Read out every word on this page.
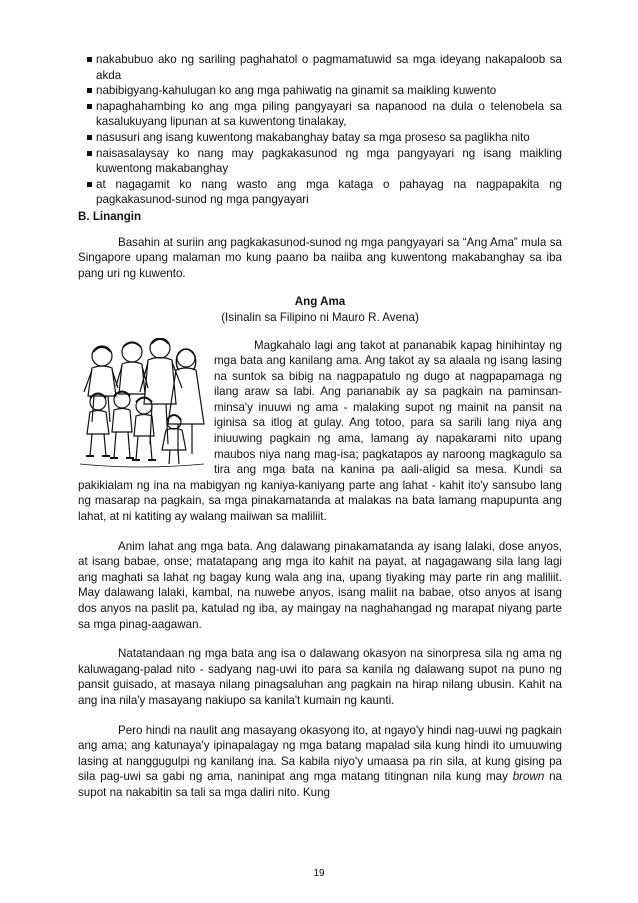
nakabubuo ako ng sariling paghahatol o pagmamatuwid sa mga ideyang nakapaloob sa akda
nabibigyang-kahulugan ko ang mga pahiwatig na ginamit sa maikling kuwento
napaghahambing ko ang mga piling pangyayari sa napanood na dula o telenobela sa kasalukuyang lipunan at sa kuwentong tinalakay,
nasusuri ang isang kuwentong makabanghay batay sa mga proseso sa paglikha nito
naisasalaysay ko nang may pagkakasunod ng mga pangyayari ng isang maikling kuwentong makabanghay
at nagagamit ko nang wasto ang mga kataga o pahayag na nagpapakita ng pagkakasunod-sunod ng mga pangyayari
B. Linangin

Basahin at suriin ang pagkakasunod-sunod ng mga pangyayari sa “Ang Ama” mula sa Singapore upang malaman mo kung paano ba naiiba ang kuwentong makabanghay sa iba pang uri ng kuwento.

Ang Ama
(Isinalin sa Filipino ni Mauro R. Avena)

Magkahalo lagi ang takot at pananabik kapag hinihintay ng mga bata ang kanilang ama. Ang takot ay sa alaala ng isang lasing na suntok sa bibig na nagpapatulo ng dugo at nagpapamaga ng ilang araw sa labi. Ang pananabik ay sa pagkain na paminsan-minsa'y inuuwi ng ama - malaking supot ng mainit na pansit na iginisa sa itlog at gulay. Ang totoo, para sa sarili lang niya ang iniuuwing pagkain ng ama, lamang ay napakarami nito upang maubos niya nang mag-isa; pagkatapos ay naroong magkagulo sa tira ang mga bata na kanina pa aali-aligid sa mesa. Kundi sa pakikialam ng ina na mabigyan ng kaniya-kaniyang parte ang lahat - kahit ito'y sansubo lang ng masarap na pagkain, sa mga pinakamatanda at malakas na bata lamang mapupunta ang lahat, at ni katiting ay walang maiiwan sa maliliit.

Anim lahat ang mga bata. Ang dalawang pinakamatanda ay isang lalaki, dose anyos, at isang babae, onse; matatapang ang mga ito kahit na payat, at nagagawang sila lang lagi ang maghati sa lahat ng bagay kung wala ang ina, upang tiyaking may parte rin ang maliliit. May dalawang lalaki, kambal, na nuwebe anyos, isang maliit na babae, otso anyos at isang dos anyos na paslit pa, katulad ng iba, ay maingay na naghahangad ng marapat niyang parte sa mga pinag-aagawan.

Natatandaan ng mga bata ang isa o dalawang okasyon na sinorpresa sila ng ama ng kaluwagang-palad nito - sadyang nag-uwi ito para sa kanila ng dalawang supot na puno ng pansit guisado, at masaya nilang pinagsaluhan ang pagkain na hirap nilang ubusin. Kahit na ang ina nila'y masayang nakiupo sa kanila't kumain ng kaunti.

Pero hindi na naulit ang masayang okasyong ito, at ngayo'y hindi nag-uuwi ng pagkain ang ama; ang katunaya'y ipinapalagay ng mga batang mapalad sila kung hindi ito umuuwing lasing at nanggugulpi ng kanilang ina. Sa kabila niyo'y umaasa pa rin sila, at kung gising pa sila pag-uwi sa gabi ng ama, naninipat ang mga matang titingnan nila kung may brown na supot na nakabitin sa tali sa mga daliri nito. Kung

19
